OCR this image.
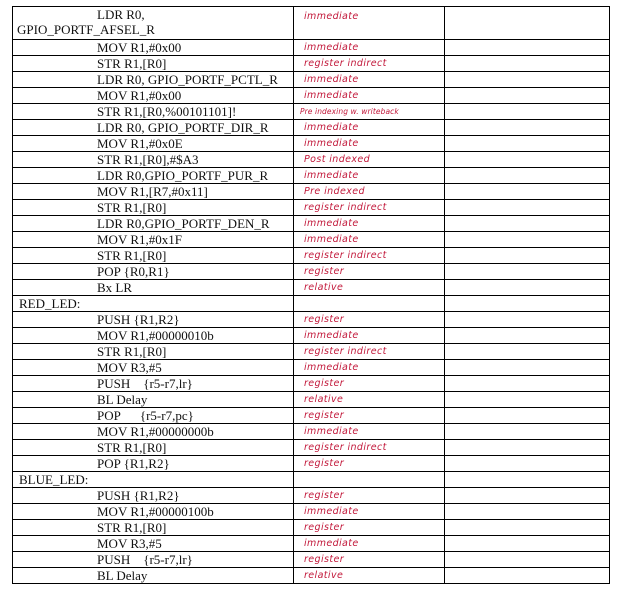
LDR R0,
GPIO_PORTF_AFSEL_R	immediate	
MOV R1,#0x00	immediate	
STR R1,[R0]	register indirect	
LDR R0, GPIO_PORTF_PCTL_R	immediate	
MOV R1,#0x00	immediate	
STR R1,[R0,%00101101]!	Pre indexing w. writeback	
LDR R0, GPIO_PORTF_DIR_R	immediate	
MOV R1,#0x0E	immediate	
STR R1,[R0],#$A3	Post indexed	
LDR R0,GPIO_PORTF_PUR_R	immediate	
MOV R1,[R7,#0x11]	Pre indexed	
STR R1,[R0]	register indirect	
LDR R0,GPIO_PORTF_DEN_R	immediate	
MOV R1,#0x1F	immediate	
STR R1,[R0]	register indirect	
POP {R0,R1}	register	
Bx LR	relative	
RED_LED:		
PUSH {R1,R2}	register	
MOV R1,#00000010b	immediate	
STR R1,[R0]	register indirect	
MOV R3,#5	immediate	
PUSH    {r5-r7,lr}	register	
BL Delay	relative	
POP      {r5-r7,pc}	register	
MOV R1,#00000000b	immediate	
STR R1,[R0]	register indirect	
POP {R1,R2}	register	
BLUE_LED:		
PUSH {R1,R2}	register	
MOV R1,#00000100b	immediate	
STR R1,[R0]	register	
MOV R3,#5	immediate	
PUSH    {r5-r7,lr}	register	
BL Delay	relative	
